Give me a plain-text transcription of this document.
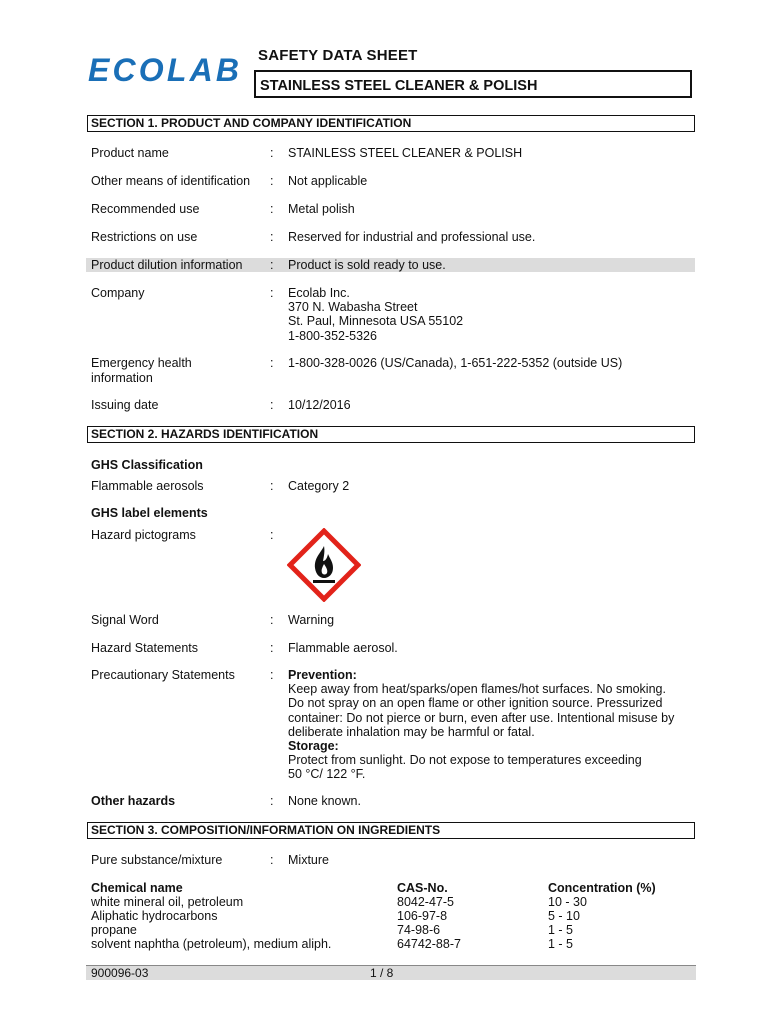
ECOLAB SAFETY DATA SHEET
STAINLESS STEEL CLEANER & POLISH
SECTION 1. PRODUCT AND COMPANY IDENTIFICATION
Product name	: STAINLESS STEEL CLEANER & POLISH
Other means of identification	: Not applicable
Recommended use	: Metal polish
Restrictions on use	: Reserved for industrial and professional use.
Product dilution information	: Product is sold ready to use.
Company	: Ecolab Inc.
370 N. Wabasha Street
St. Paul, Minnesota USA 55102
1-800-352-5326
Emergency health
information
: 1-800-328-0026 (US/Canada), 1-651-222-5352 (outside US)
Issuing date	: 10/12/2016
SECTION 2. HAZARDS IDENTIFICATION
GHS Classification
Flammable aerosols	: Category 2
GHS label elements
Hazard pictograms	:
Signal Word	: Warning
Hazard Statements	: Flammable aerosol.
Precautionary Statements	: Prevention:
Keep away from heat/sparks/open flames/hot surfaces. No smoking.
Do not spray on an open flame or other ignition source. Pressurized
container: Do not pierce or burn, even after use. Intentional misuse by
deliberate inhalation may be harmful or fatal.
Storage:
Protect from sunlight. Do not expose to temperatures exceeding
50 °C/ 122 °F.
Other hazards	: None known.
SECTION 3. COMPOSITION/INFORMATION ON INGREDIENTS
Pure substance/mixture	: Mixture
Chemical name	CAS-No.	Concentration (%)
white mineral oil, petroleum	8042-47-5	10 - 30
Aliphatic hydrocarbons	106-97-8	5 - 10
propane	74-98-6	1 - 5
solvent naphtha (petroleum), medium aliph.	64742-88-7	1 - 5
900096-03	1 / 8
